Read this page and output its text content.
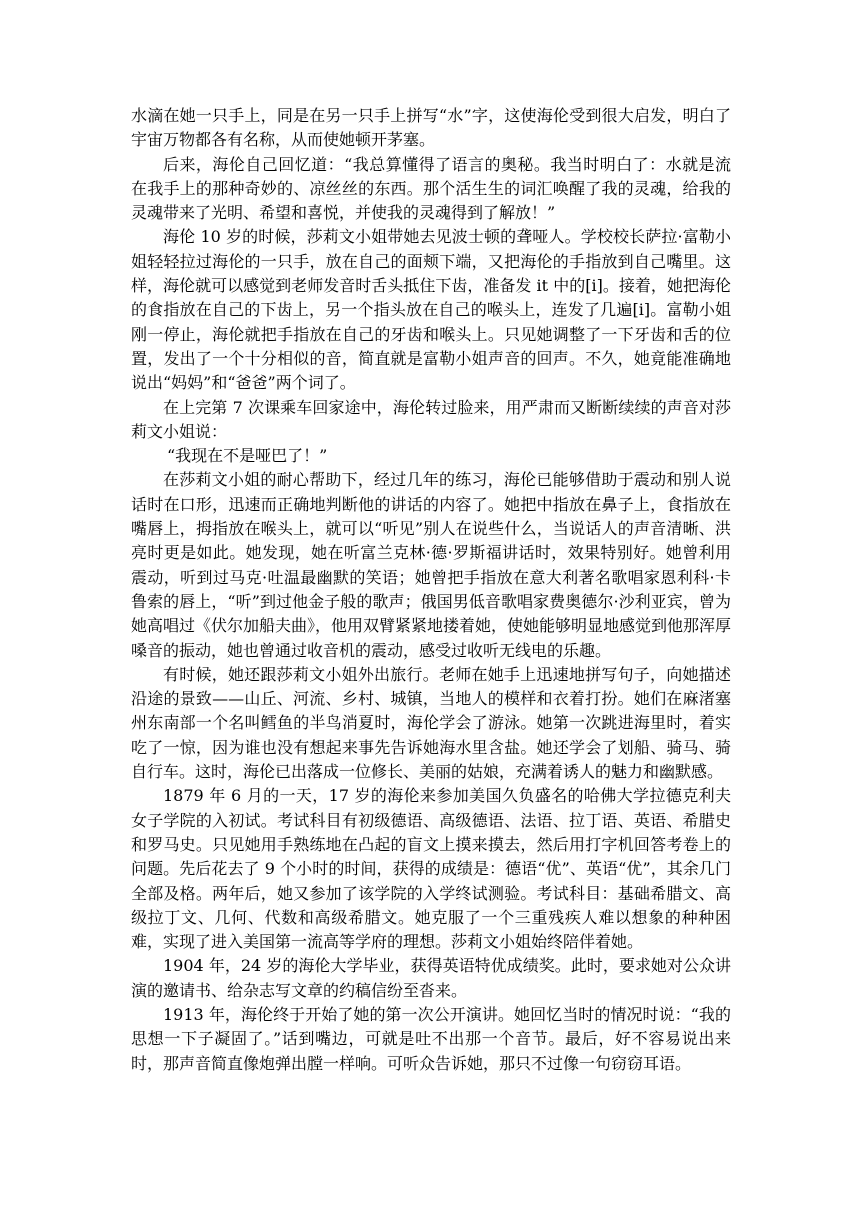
水滴在她一只手上，同是在另一只手上拼写“水”字，这使海伦受到很大启发，明白了宇宙万物都各有名称，从而使她顿开茅塞。

后来，海伦自己回忆道：“我总算懂得了语言的奥秘。我当时明白了：水就是流在我手上的那种奇妙的、凉丝丝的东西。那个活生生的词汇唤醒了我的灵魂，给我的灵魂带来了光明、希望和喜悦，并使我的灵魂得到了解放！”

海伦 10 岁的时候，莎莉文小姐带她去见波士顿的聋哑人。学校校长萨拉·富勒小姐轻轻拉过海伦的一只手，放在自己的面颊下端，又把海伦的手指放到自己嘴里。这样，海伦就可以感觉到老师发音时舌头抵住下齿，准备发 it 中的[i]。接着，她把海伦的食指放在自己的下齿上，另一个指头放在自己的喉头上，连发了几遍[i]。富勒小姐刚一停止，海伦就把手指放在自己的牙齿和喉头上。只见她调整了一下牙齿和舌的位置，发出了一个十分相似的音，简直就是富勒小姐声音的回声。不久，她竟能准确地说出“妈妈”和“爸爸”两个词了。

在上完第 7 次课乘车回家途中，海伦转过脸来，用严肃而又断断续续的声音对莎莉文小姐说：

“我现在不是哑巴了！”

在莎莉文小姐的耐心帮助下，经过几年的练习，海伦已能够借助于震动和别人说话时在口形，迅速而正确地判断他的讲话的内容了。她把中指放在鼻子上，食指放在嘴唇上，拇指放在喉头上，就可以“听见”别人在说些什么，当说话人的声音清晰、洪亮时更是如此。她发现，她在听富兰克林·德·罗斯福讲话时，效果特别好。她曾利用震动，听到过马克·吐温最幽默的笑语；她曾把手指放在意大利著名歌唱家恩利科·卡鲁索的唇上，“听”到过他金子般的歌声；俄国男低音歌唱家费奥德尔·沙利亚宾，曾为她高唱过《伏尔加船夫曲》，他用双臂紧紧地搂着她，使她能够明显地感觉到他那浑厚嗓音的振动，她也曾通过收音机的震动，感受过收听无线电的乐趣。

有时候，她还跟莎莉文小姐外出旅行。老师在她手上迅速地拼写句子，向她描述沿途的景致——山丘、河流、乡村、城镇，当地人的模样和衣着打扮。她们在麻渚塞州东南部一个名叫鳕鱼的半鸟消夏时，海伦学会了游泳。她第一次跳进海里时，着实吃了一惊，因为谁也没有想起来事先告诉她海水里含盐。她还学会了划船、骑马、骑自行车。这时，海伦已出落成一位修长、美丽的姑娘，充满着诱人的魅力和幽默感。

1879 年 6 月的一天，17 岁的海伦来参加美国久负盛名的哈佛大学拉德克利夫女子学院的入初试。考试科目有初级德语、高级德语、法语、拉丁语、英语、希腊史和罗马史。只见她用手熟练地在凸起的盲文上摸来摸去，然后用打字机回答考卷上的问题。先后花去了 9 个小时的时间，获得的成绩是：德语“优”、英语“优”，其余几门全部及格。两年后，她又参加了该学院的入学终试测验。考试科目：基础希腊文、高级拉丁文、几何、代数和高级希腊文。她克服了一个三重残疾人难以想象的种种困难，实现了进入美国第一流高等学府的理想。莎莉文小姐始终陪伴着她。

1904 年，24 岁的海伦大学毕业，获得英语特优成绩奖。此时，要求她对公众讲演的邀请书、给杂志写文章的约稿信纷至沓来。

1913 年，海伦终于开始了她的第一次公开演讲。她回忆当时的情况时说：“我的思想一下子凝固了。”话到嘴边，可就是吐不出那一个音节。最后，好不容易说出来时，那声音简直像炮弹出膛一样响。可听众告诉她，那只不过像一句窃窃耳语。
